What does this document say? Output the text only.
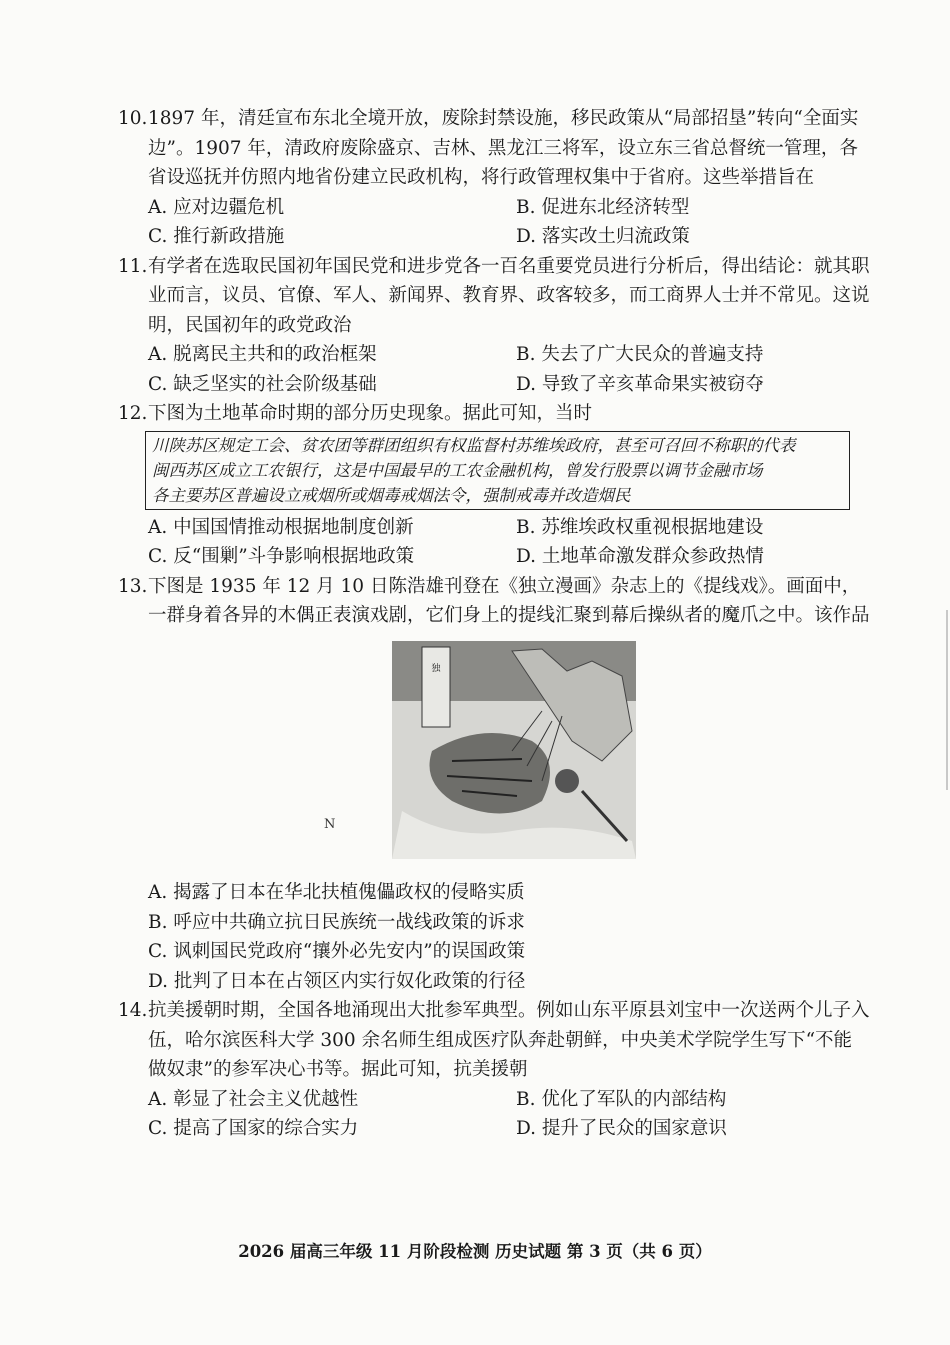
10. 1897 年，清廷宣布东北全境开放，废除封禁设施，移民政策从“局部招垦”转向“全面实边”。1907 年，清政府废除盛京、吉林、黑龙江三将军，设立东三省总督统一管理，各省设巡抚并仿照内地省份建立民政机构，将行政管理权集中于省府。这些举措旨在
A. 应对边疆危机	B. 促进东北经济转型
C. 推行新政措施	D. 落实改土归流政策
11. 有学者在选取民国初年国民党和进步党各一百名重要党员进行分析后，得出结论：就其职业而言，议员、官僚、军人、新闻界、教育界、政客较多，而工商界人士并不常见。这说明，民国初年的政党政治
A. 脱离民主共和的政治框架	B. 失去了广大民众的普遍支持
C. 缺乏坚实的社会阶级基础	D. 导致了辛亥革命果实被窃夺
12. 下图为土地革命时期的部分历史现象。据此可知，当时
川陕苏区规定工会、贫农团等群团组织有权监督村苏维埃政府，甚至可召回不称职的代表
闽西苏区成立工农银行，这是中国最早的工农金融机构，曾发行股票以调节金融市场
各主要苏区普遍设立戒烟所或烟毒戒烟法令，强制戒毒并改造烟民
A. 中国国情推动根据地制度创新	B. 苏维埃政权重视根据地建设
C. 反“围剿”斗争影响根据地政策	D. 土地革命激发群众参政热情
13. 下图是 1935 年 12 月 10 日陈浩雄刊登在《独立漫画》杂志上的《提线戏》。画面中，一群身着各异的木偶正表演戏剧，它们身上的提线汇聚到幕后操纵者的魔爪之中。该作品
独
A. 揭露了日本在华北扶植傀儡政权的侵略实质
B. 呼应中共确立抗日民族统一战线政策的诉求
C. 讽刺国民党政府“攘外必先安内”的误国政策
D. 批判了日本在占领区内实行奴化政策的行径
14. 抗美援朝时期，全国各地涌现出大批参军典型。例如山东平原县刘宝中一次送两个儿子入伍，哈尔滨医科大学 300 余名师生组成医疗队奔赴朝鲜，中央美术学院学生写下“不能做奴隶”的参军决心书等。据此可知，抗美援朝
A. 彰显了社会主义优越性	B. 优化了军队的内部结构
C. 提高了国家的综合实力	D. 提升了民众的国家意识
N
2026 届高三年级 11 月阶段检测 历史试题 第 3 页（共 6 页）
